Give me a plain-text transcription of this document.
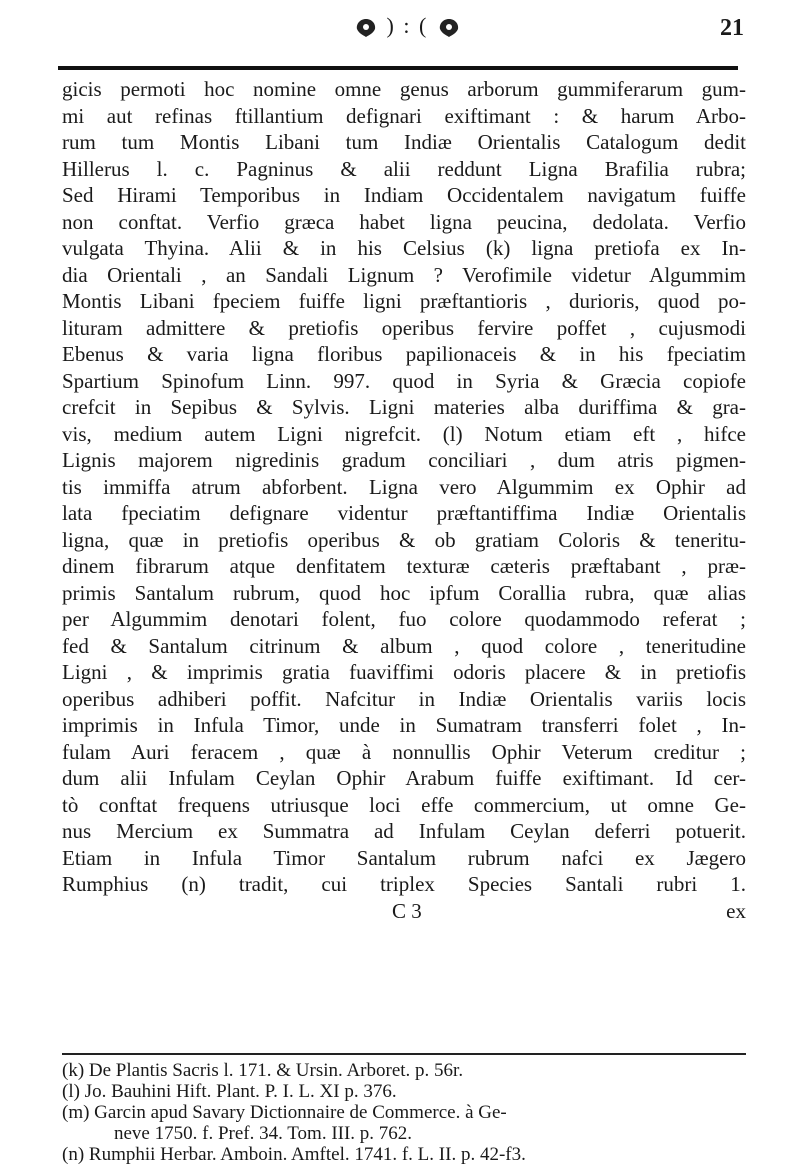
) : (	21
gicis permoti hoc nomine omne genus arborum gummiferarum gum-
mi aut refinas ftillantium defignari exiftimant : & harum Arbo-
rum tum Montis Libani tum Indiæ Orientalis Catalogum dedit
Hillerus l. c. Pagninus & alii reddunt Ligna Brafilia rubra;
Sed Hirami Temporibus in Indiam Occidentalem navigatum fuiffe
non conftat. Verfio græca habet ligna peucina, dedolata. Verfio
vulgata Thyina. Alii & in his Celsius (k) ligna pretiofa ex In-
dia Orientali , an Sandali Lignum ? Verofimile videtur Algummim
Montis Libani fpeciem fuiffe ligni præftantioris , durioris, quod po-
lituram admittere & pretiofis operibus fervire poffet , cujusmodi
Ebenus & varia ligna floribus papilionaceis & in his fpeciatim
Spartium Spinofum Linn. 997. quod in Syria & Græcia copiofe
crefcit in Sepibus & Sylvis. Ligni materies alba duriffima & gra-
vis, medium autem Ligni nigrefcit. (l) Notum etiam eft , hifce
Lignis majorem nigredinis gradum conciliari , dum atris pigmen-
tis immiffa atrum abforbent. Ligna vero Algummim ex Ophir ad
lata fpeciatim defignare videntur præftantiffima Indiæ Orientalis
ligna, quæ in pretiofis operibus & ob gratiam Coloris & teneritu-
dinem fibrarum atque denfitatem texturæ cæteris præftabant , præ-
primis Santalum rubrum, quod hoc ipfum Corallia rubra, quæ alias
per Algummim denotari folent, fuo colore quodammodo referat ;
fed & Santalum citrinum & album , quod colore , teneritudine
Ligni , & imprimis gratia fuaviffimi odoris placere & in pretiofis
operibus adhiberi poffit. Nafcitur in Indiæ Orientalis variis locis
imprimis in Infula Timor, unde in Sumatram transferri folet , In-
fulam Auri feracem , quæ à nonnullis Ophir Veterum creditur ;
dum alii Infulam Ceylan Ophir Arabum fuiffe exiftimant. Id cer-
tò conftat frequens utriusque loci effe commercium, ut omne Ge-
nus Mercium ex Summatra ad Infulam Ceylan deferri potuerit.
Etiam in Infula Timor Santalum rubrum nafci ex Jægero
Rumphius (n) tradit, cui triplex Species Santali rubri 1.
C 3	ex
(k) De Plantis Sacris l. 171. & Ursin. Arboret. p. 56r.
(l) Jo. Bauhini Hift. Plant. P. I. L. XI p. 376.
(m) Garcin apud Savary Dictionnaire de Commerce. à Ge-
neve 1750. f. Pref. 34. Tom. III. p. 762.
(n) Rumphii Herbar. Amboin. Amftel. 1741. f. L. II. p. 42-f3.
